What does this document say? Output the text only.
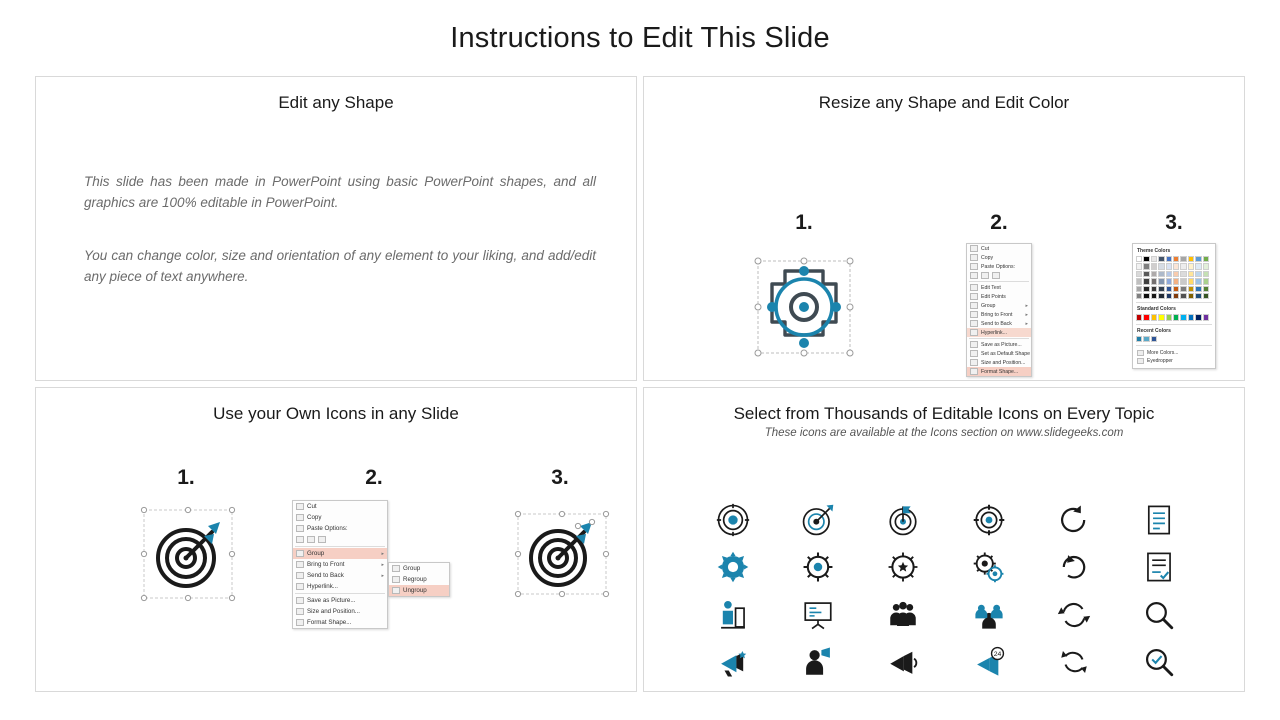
Instructions to Edit This Slide
Edit any Shape

This slide has been made in PowerPoint using basic PowerPoint shapes, and all graphics are 100% editable in PowerPoint.

You can change color, size and orientation of any element to your liking, and add/edit any piece of text anywhere.

Resize any Shape and Edit Color
1.	2.
Cut
Copy
Paste Options:
Edit Text
Edit Points
Group	▸
Bring to Front	▸
Send to Back	▸
Hyperlink...
Save as Picture...
Set as Default Shape
Size and Position...
Format Shape...
3.
Theme Colors
Standard Colors
Recent Colors
More Colors...
Eyedropper
Use your Own Icons in any Slide
1.	2.
Cut
Copy
Paste Options:
Group	▸
Bring to Front	▸
Send to Back	▸
Hyperlink...
Save as Picture...
Size and Position...
Format Shape...
Group
Regroup
Ungroup
3.
Select from Thousands of Editable Icons on Every Topic
These icons are available at the Icons section on www.slidegeeks.com
24
